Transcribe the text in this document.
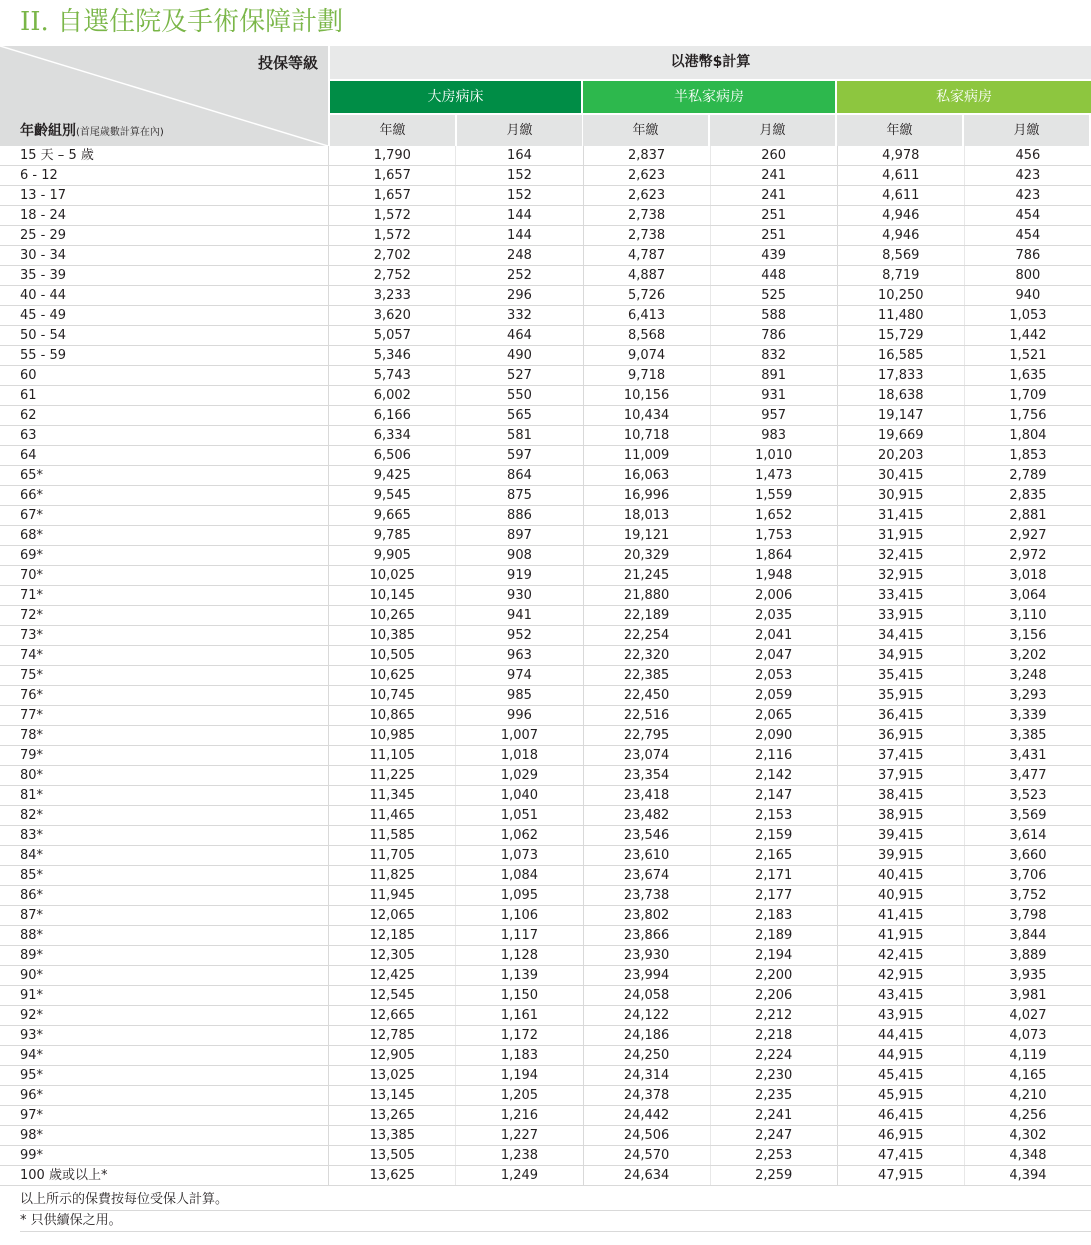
II. 自選住院及手術保障計劃
投保等級
年齡組別(首尾歲數計算在內)
以港幣$計算
大房病床	半私家病房	私家病房
年繳	月繳	年繳	月繳	年繳	月繳
15 天 – 5 歲	1,790	164	2,837	260	4,978	456
6 - 12	1,657	152	2,623	241	4,611	423
13 - 17	1,657	152	2,623	241	4,611	423
18 - 24	1,572	144	2,738	251	4,946	454
25 - 29	1,572	144	2,738	251	4,946	454
30 - 34	2,702	248	4,787	439	8,569	786
35 - 39	2,752	252	4,887	448	8,719	800
40 - 44	3,233	296	5,726	525	10,250	940
45 - 49	3,620	332	6,413	588	11,480	1,053
50 - 54	5,057	464	8,568	786	15,729	1,442
55 - 59	5,346	490	9,074	832	16,585	1,521
60	5,743	527	9,718	891	17,833	1,635
61	6,002	550	10,156	931	18,638	1,709
62	6,166	565	10,434	957	19,147	1,756
63	6,334	581	10,718	983	19,669	1,804
64	6,506	597	11,009	1,010	20,203	1,853
65*	9,425	864	16,063	1,473	30,415	2,789
66*	9,545	875	16,996	1,559	30,915	2,835
67*	9,665	886	18,013	1,652	31,415	2,881
68*	9,785	897	19,121	1,753	31,915	2,927
69*	9,905	908	20,329	1,864	32,415	2,972
70*	10,025	919	21,245	1,948	32,915	3,018
71*	10,145	930	21,880	2,006	33,415	3,064
72*	10,265	941	22,189	2,035	33,915	3,110
73*	10,385	952	22,254	2,041	34,415	3,156
74*	10,505	963	22,320	2,047	34,915	3,202
75*	10,625	974	22,385	2,053	35,415	3,248
76*	10,745	985	22,450	2,059	35,915	3,293
77*	10,865	996	22,516	2,065	36,415	3,339
78*	10,985	1,007	22,795	2,090	36,915	3,385
79*	11,105	1,018	23,074	2,116	37,415	3,431
80*	11,225	1,029	23,354	2,142	37,915	3,477
81*	11,345	1,040	23,418	2,147	38,415	3,523
82*	11,465	1,051	23,482	2,153	38,915	3,569
83*	11,585	1,062	23,546	2,159	39,415	3,614
84*	11,705	1,073	23,610	2,165	39,915	3,660
85*	11,825	1,084	23,674	2,171	40,415	3,706
86*	11,945	1,095	23,738	2,177	40,915	3,752
87*	12,065	1,106	23,802	2,183	41,415	3,798
88*	12,185	1,117	23,866	2,189	41,915	3,844
89*	12,305	1,128	23,930	2,194	42,415	3,889
90*	12,425	1,139	23,994	2,200	42,915	3,935
91*	12,545	1,150	24,058	2,206	43,415	3,981
92*	12,665	1,161	24,122	2,212	43,915	4,027
93*	12,785	1,172	24,186	2,218	44,415	4,073
94*	12,905	1,183	24,250	2,224	44,915	4,119
95*	13,025	1,194	24,314	2,230	45,415	4,165
96*	13,145	1,205	24,378	2,235	45,915	4,210
97*	13,265	1,216	24,442	2,241	46,415	4,256
98*	13,385	1,227	24,506	2,247	46,915	4,302
99*	13,505	1,238	24,570	2,253	47,415	4,348
100 歲或以上*	13,625	1,249	24,634	2,259	47,915	4,394
以上所示的保費按每位受保人計算。
* 只供續保之用。
